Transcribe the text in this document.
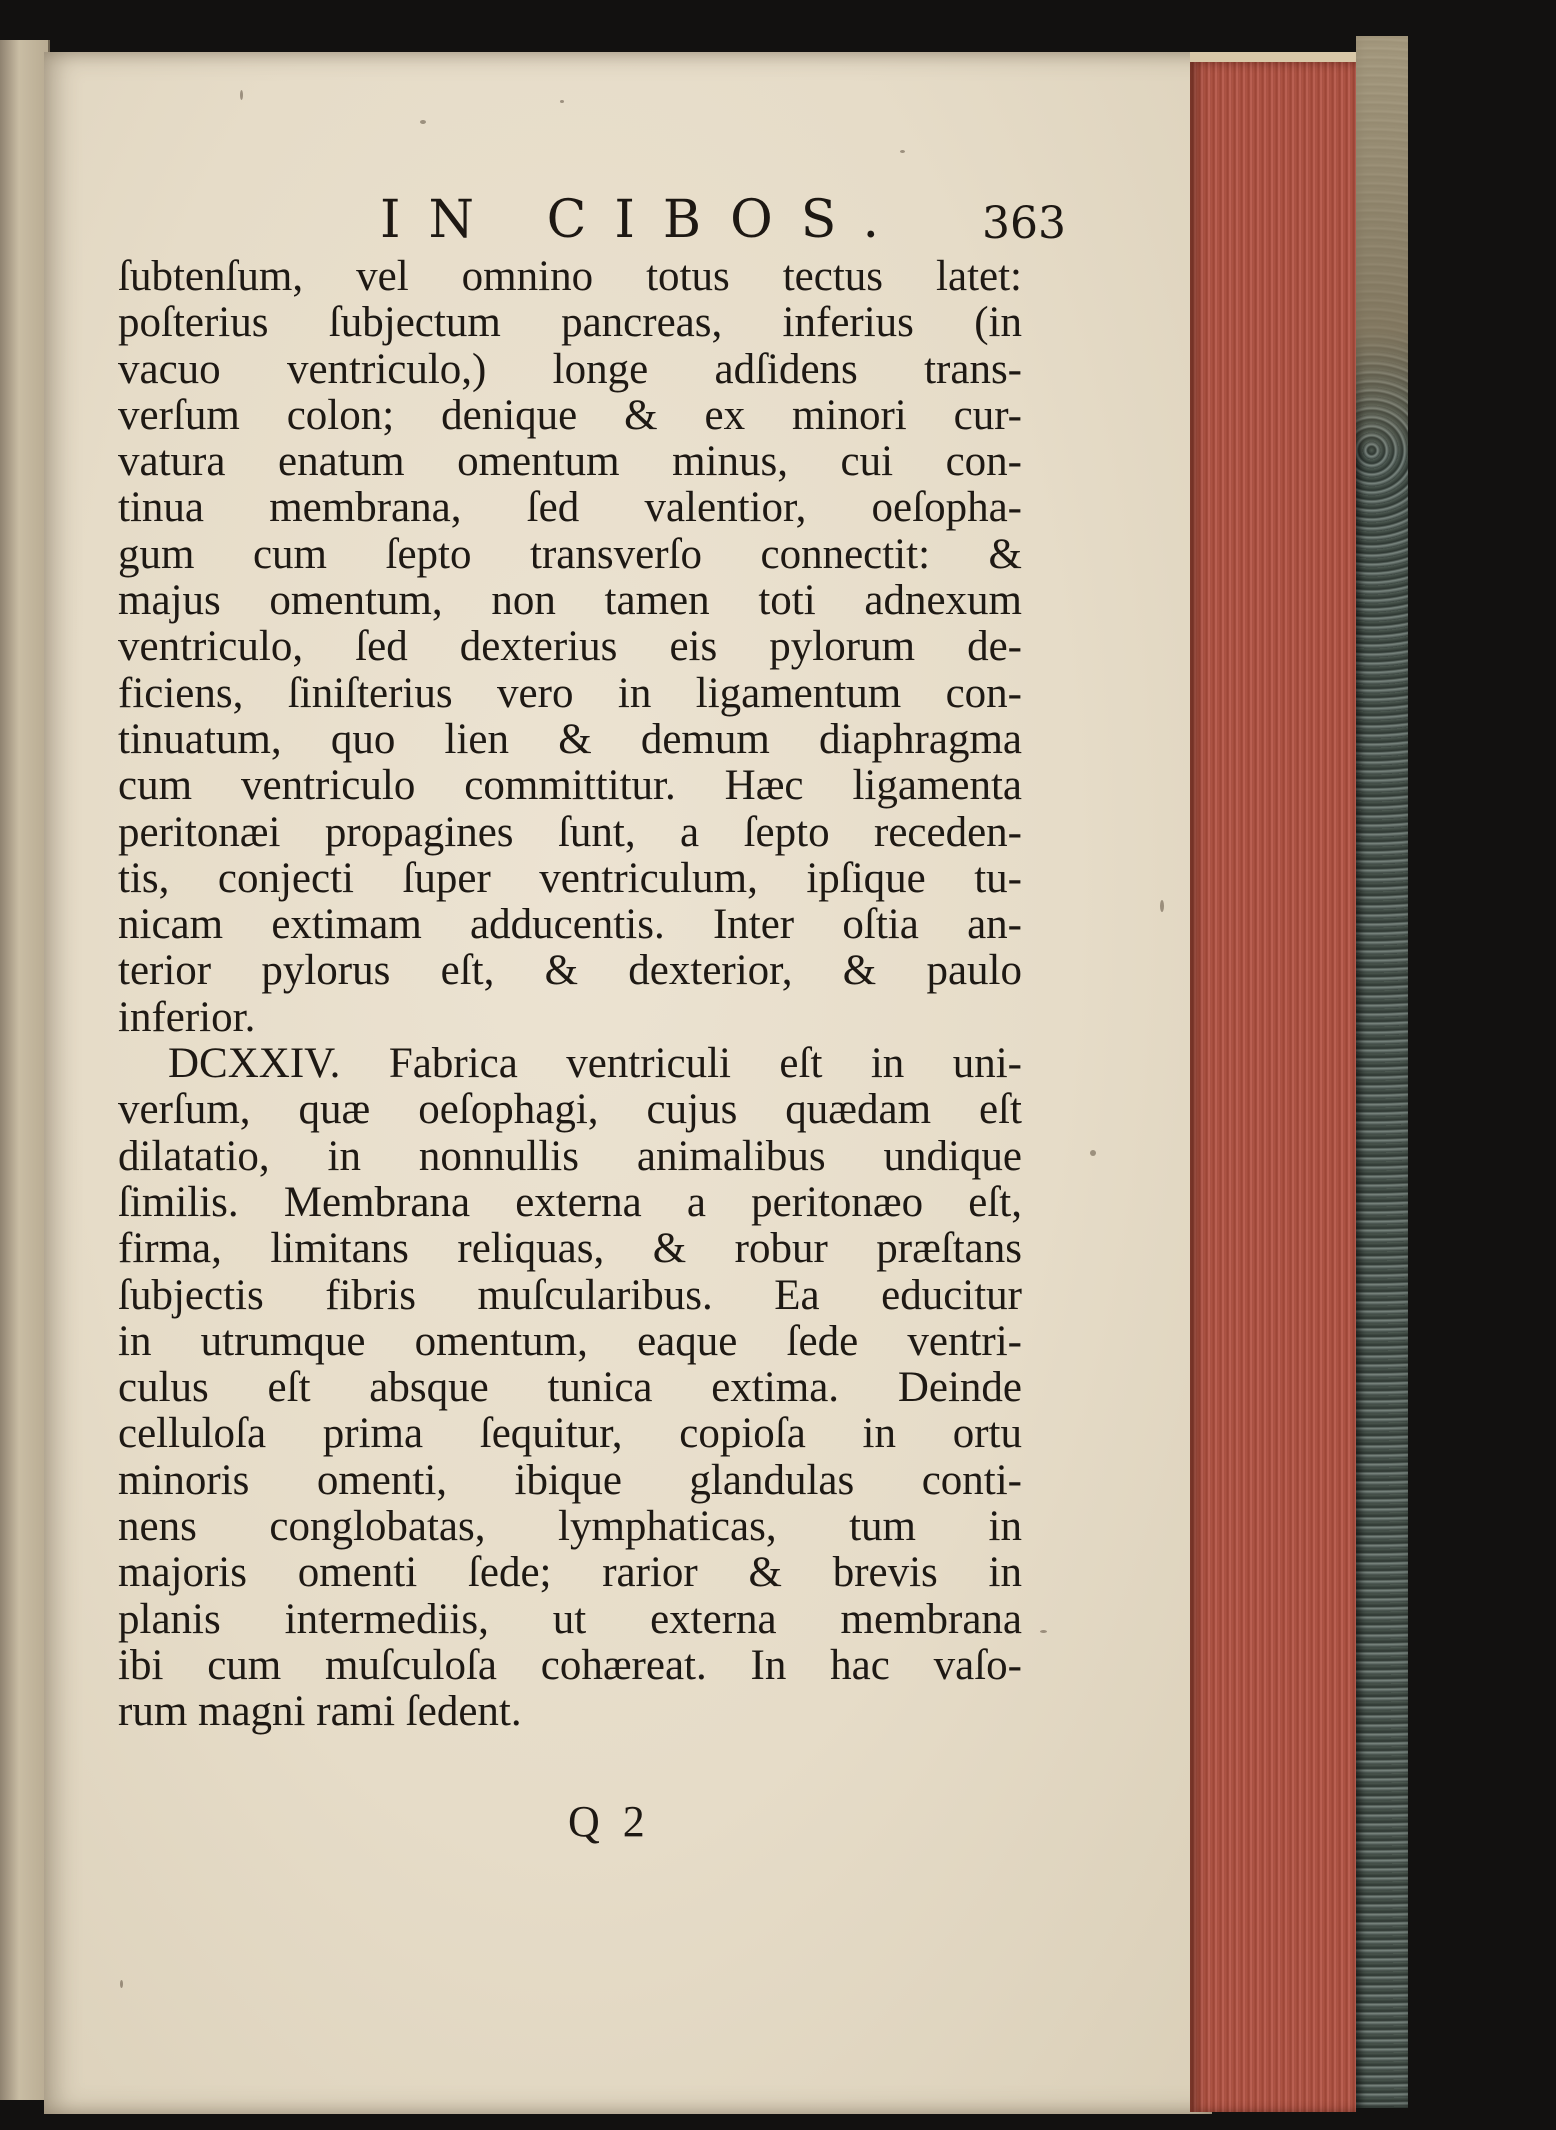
IN CIBOS. 363
ſubtenſum, vel omnino totus tectus latet:
poſterius ſubjectum pancreas, inferius (in
vacuo ventriculo,) longe adſidens trans-
verſum colon; denique & ex minori cur-
vatura enatum omentum minus, cui con-
tinua membrana, ſed valentior, oeſopha-
gum cum ſepto transverſo connectit: &
majus omentum, non tamen toti adnexum
ventriculo, ſed dexterius eis pylorum de-
ficiens, ſiniſterius vero in ligamentum con-
tinuatum, quo lien & demum diaphragma
cum ventriculo committitur. Hæc ligamenta
peritonæi propagines ſunt, a ſepto receden-
tis, conjecti ſuper ventriculum, ipſique tu-
nicam extimam adducentis. Inter oſtia an-
terior pylorus eſt, & dexterior, & paulo
inferior.
DCXXIV. Fabrica ventriculi eſt in uni-
verſum, quæ oeſophagi, cujus quædam eſt
dilatatio, in nonnullis animalibus undique
ſimilis. Membrana externa a peritonæo eſt,
firma, limitans reliquas, & robur præſtans
ſubjectis fibris muſcularibus. Ea educitur
in utrumque omentum, eaque ſede ventri-
culus eſt absque tunica extima. Deinde
celluloſa prima ſequitur, copioſa in ortu
minoris omenti, ibique glandulas conti-
nens conglobatas, lymphaticas, tum in
majoris omenti ſede; rarior & brevis in
planis intermediis, ut externa membrana
ibi cum muſculoſa cohæreat. In hac vaſo-
rum magni rami ſedent.
Q 2
